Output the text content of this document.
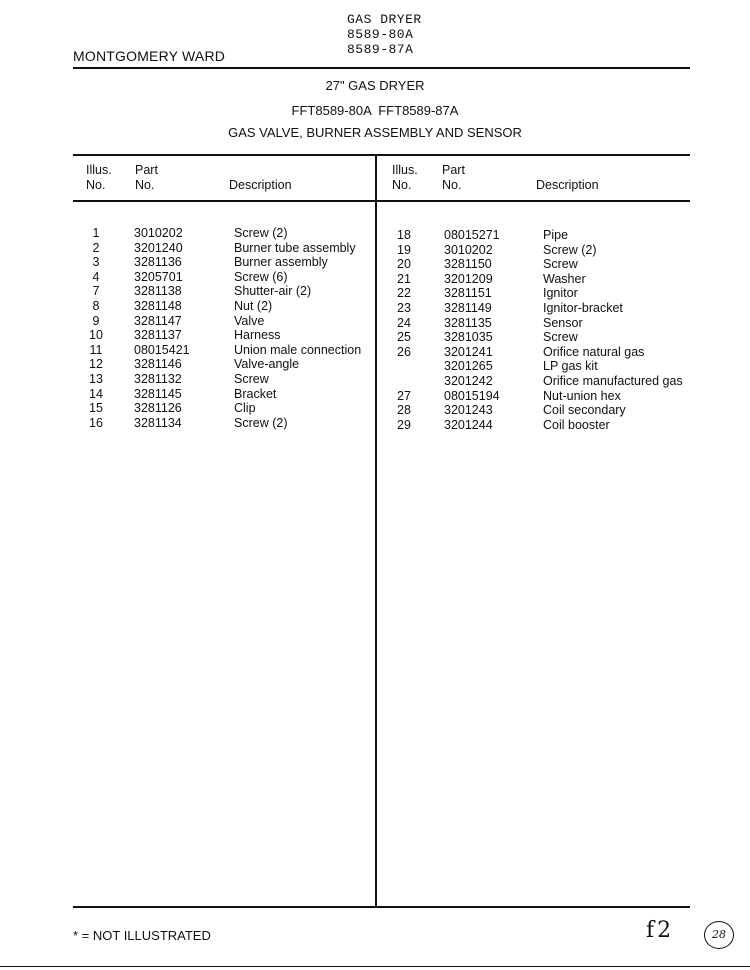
GAS DRYER
8589-80A
8589-87A
MONTGOMERY WARD
27" GAS DRYER
FFT8589-80A  FFT8589-87A
GAS VALVE, BURNER ASSEMBLY AND SENSOR
Illus.
No.
Part
No.	Description
Illus.
No.
Part
No.	Description
1	3010202	Screw (2)
2	3201240	Burner tube assembly
3	3281136	Burner assembly
4	3205701	Screw (6)
7	3281138	Shutter-air (2)
8	3281148	Nut (2)
9	3281147	Valve
10	3281137	Harness
11	08015421	Union male connection
12	3281146	Valve-angle
13	3281132	Screw
14	3281145	Bracket
15	3281126	Clip
16	3281134	Screw (2)
18	08015271	Pipe
19	3010202	Screw (2)
20	3281150	Screw
21	3201209	Washer
22	3281151	Ignitor
23	3281149	Ignitor-bracket
24	3281135	Sensor
25	3281035	Screw
26	3201241	Orifice natural gas
3201265	LP gas kit
3201242	Orifice manufactured gas
27	08015194	Nut-union hex
28	3201243	Coil secondary
29	3201244	Coil booster
* = NOT ILLUSTRATED	f2	28
